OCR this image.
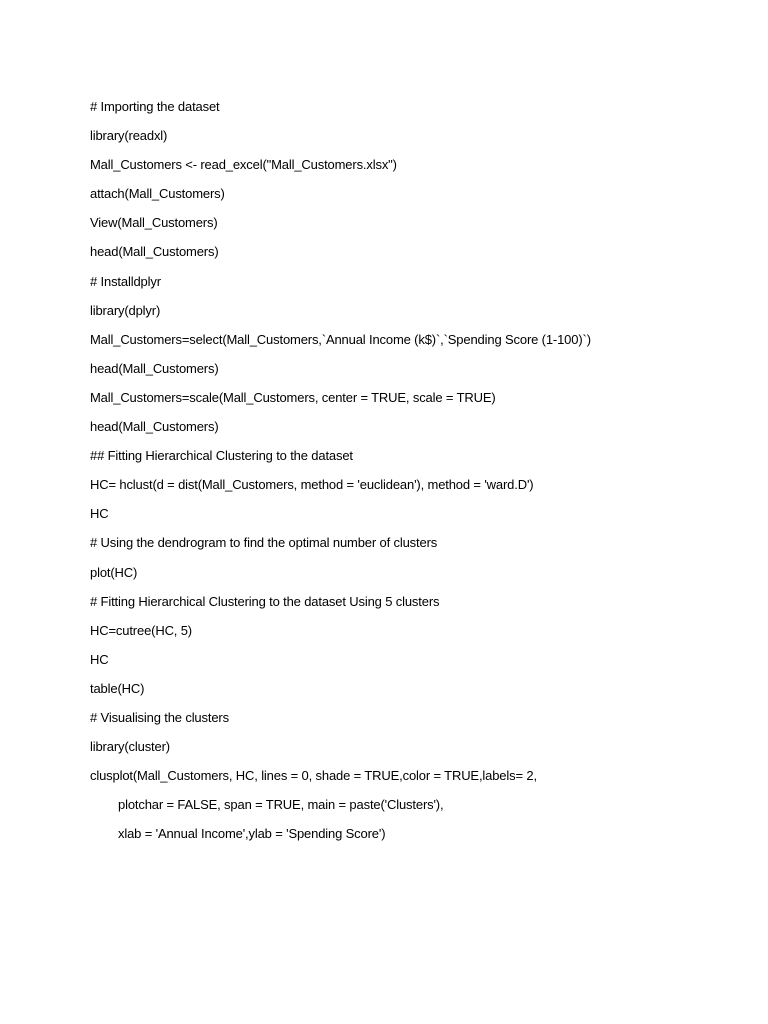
# Importing the dataset
library(readxl)
Mall_Customers <- read_excel("Mall_Customers.xlsx")
attach(Mall_Customers)
View(Mall_Customers)
head(Mall_Customers)
# Installdplyr
library(dplyr)
Mall_Customers=select(Mall_Customers,`Annual Income (k$)`,`Spending Score (1-100)`)
head(Mall_Customers)
Mall_Customers=scale(Mall_Customers, center = TRUE, scale = TRUE)
head(Mall_Customers)
## Fitting Hierarchical Clustering to the dataset
HC= hclust(d = dist(Mall_Customers, method = 'euclidean'), method = 'ward.D')
HC
# Using the dendrogram to find the optimal number of clusters
plot(HC)
# Fitting Hierarchical Clustering to the dataset Using 5 clusters
HC=cutree(HC, 5)
HC
table(HC)
# Visualising the clusters
library(cluster)
clusplot(Mall_Customers, HC, lines = 0, shade = TRUE,color = TRUE,labels= 2,
plotchar = FALSE, span = TRUE, main = paste('Clusters'),
xlab = 'Annual Income',ylab = 'Spending Score')
